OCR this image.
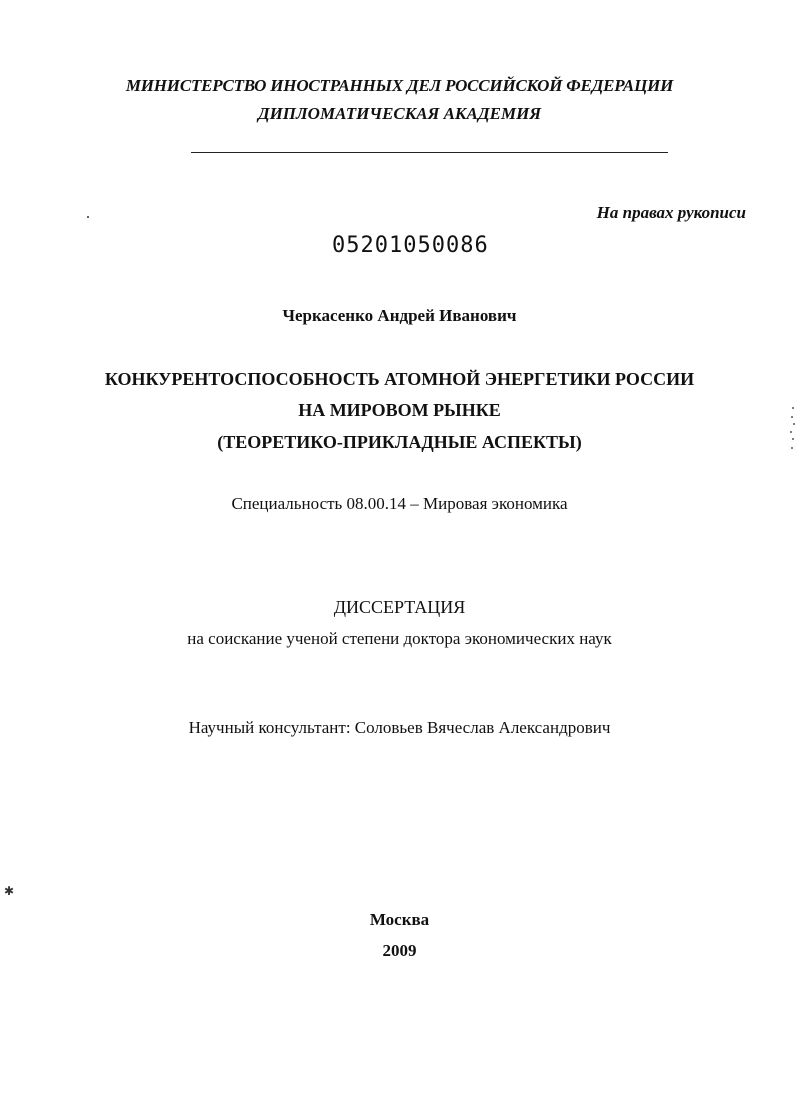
МИНИСТЕРСТВО ИНОСТРАННЫХ ДЕЛ РОССИЙСКОЙ ФЕДЕРАЦИИ
ДИПЛОМАТИЧЕСКАЯ АКАДЕМИЯ
На правах рукописи
05201050086
Черкасенко Андрей Иванович
КОНКУРЕНТОСПОСОБНОСТЬ АТОМНОЙ ЭНЕРГЕТИКИ РОССИИ
НА МИРОВОМ РЫНКЕ
(ТЕОРЕТИКО-ПРИКЛАДНЫЕ АСПЕКТЫ)
Специальность 08.00.14 – Мировая экономика
ДИССЕРТАЦИЯ
на соискание ученой степени доктора экономических наук
Научный консультант: Соловьев Вячеслав Александрович
Москва
2009
✱
